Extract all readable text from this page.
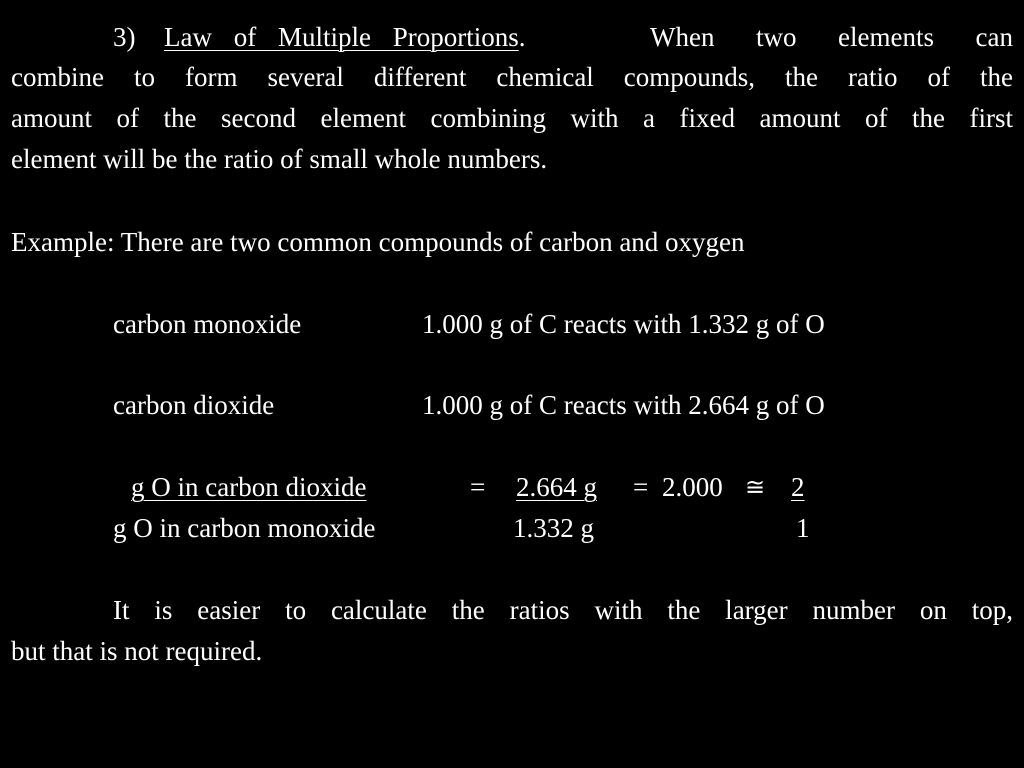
3) Law of Multiple Proportions.	When two elements can
combine to form several different chemical compounds, the ratio of the
amount of the second element combining with a fixed amount of the first
element will be the ratio of small whole numbers.
Example: There are two common compounds of carbon and oxygen
carbon monoxide	1.000 g of C reacts with 1.332 g of O
carbon dioxide	1.000 g of C reacts with 2.664 g of O
g O in carbon dioxide	= 2.664 g = 2.000 ≅ 2
g O in carbon monoxide	1.332 g	1
It is easier to calculate the ratios with the larger number on top,
but that is not required.
